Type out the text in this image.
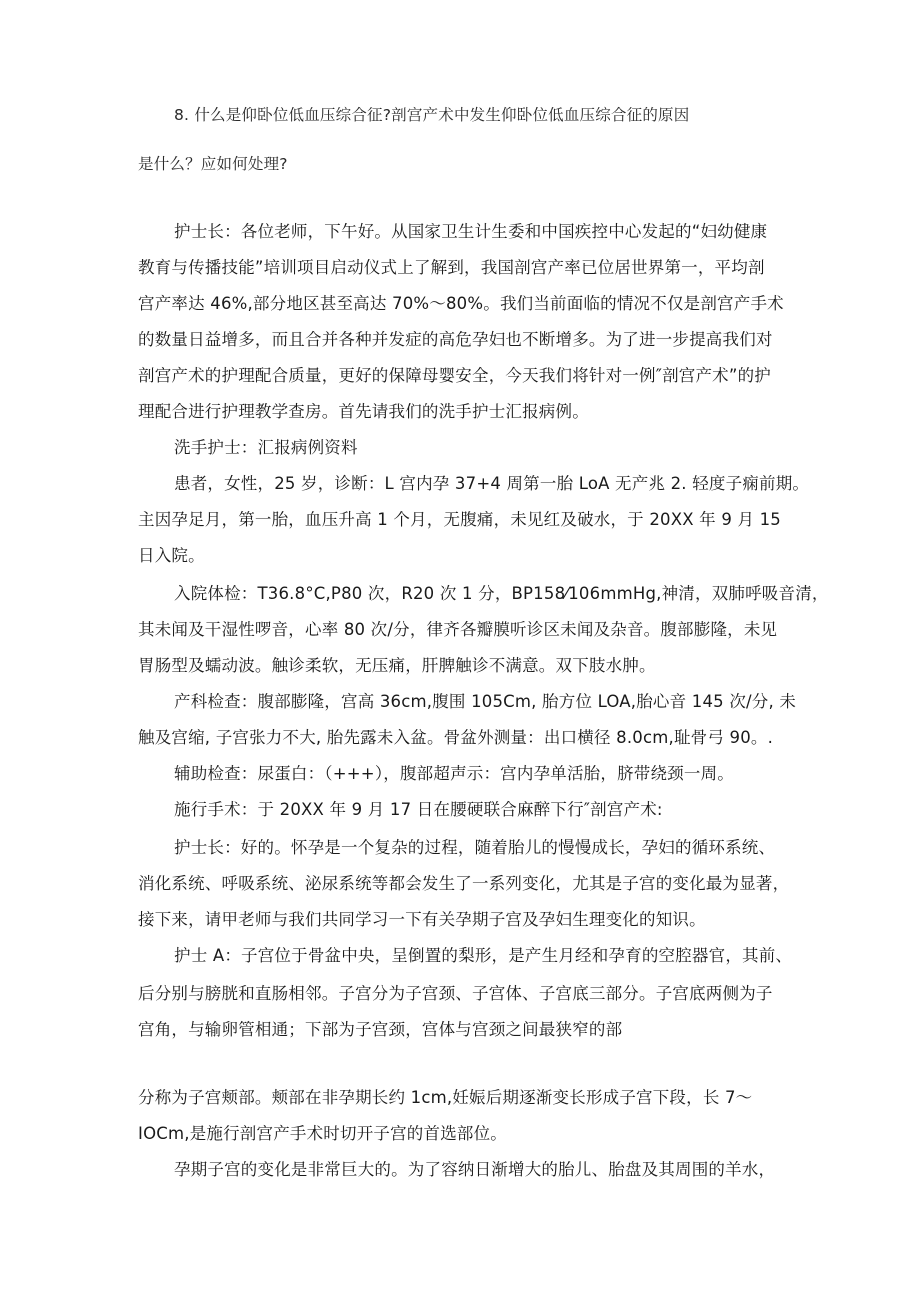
8. 什么是仰卧位低血压综合征?剖宫产术中发生仰卧位低血压综合征的原因
是什么？应如何处理?
护士长：各位老师，下午好。从国家卫生计生委和中国疾控中心发起的“妇幼健康
教育与传播技能”培训项目启动仪式上了解到，我国剖宫产率已位居世界第一，平均剖
宫产率达 46%,部分地区甚至高达 70%～80%。我们当前面临的情况不仅是剖宫产手术
的数量日益增多，而且合并各种并发症的高危孕妇也不断增多。为了进一步提高我们对
剖宫产术的护理配合质量，更好的保障母婴安全，今天我们将针对一例″剖宫产术”的护
理配合进行护理教学查房。首先请我们的洗手护士汇报病例。
洗手护士：汇报病例资料
患者，女性，25 岁，诊断：L 宫内孕 37+4 周第一胎 LoA 无产兆 2. 轻度子痫前期。
主因孕足月，第一胎，血压升高 1 个月，无腹痛，未见红及破水，于 20XX 年 9 月 15
日入院。
入院体检：T36.8°C,P80 次，R20 次 1 分，BP158⁄106mmHg,神清，双肺呼吸音清，
其未闻及干湿性啰音，心率 80 次/分，律齐各瓣膜听诊区未闻及杂音。腹部膨隆，未见
胃肠型及蠕动波。触诊柔软，无压痛，肝脾触诊不满意。双下肢水肿。
产科检查：腹部膨隆，宫高 36cm,腹围 105Cm, 胎方位 LOA,胎心音 145 次/分, 未
触及宫缩, 子宫张力不大, 胎先露未入盆。骨盆外测量：出口横径 8.0cm,耻骨弓 90。.
辅助检查：尿蛋白：（+++），腹部超声示：宫内孕单活胎，脐带绕颈一周。
施行手术：于 20XX 年 9 月 17 日在腰硬联合麻醉下行″剖宫产术:
护士长：好的。怀孕是一个复杂的过程，随着胎儿的慢慢成长，孕妇的循环系统、
消化系统、呼吸系统、泌尿系统等都会发生了一系列变化，尤其是子宫的变化最为显著，
接下来，请甲老师与我们共同学习一下有关孕期子宫及孕妇生理变化的知识。
护士 A：子宫位于骨盆中央，呈倒置的梨形，是产生月经和孕育的空腔器官，其前、
后分别与膀胱和直肠相邻。子宫分为子宫颈、子宫体、子宫底三部分。子宫底两侧为子
宫角，与输卵管相通；下部为子宫颈，宫体与宫颈之间最狭窄的部
分称为子宫颊部。颊部在非孕期长约 1cm,妊娠后期逐渐变长形成子宫下段，长 7～
IOCm,是施行剖宫产手术时切开子宫的首选部位。
孕期子宫的变化是非常巨大的。为了容纳日渐增大的胎儿、胎盘及其周围的羊水，
